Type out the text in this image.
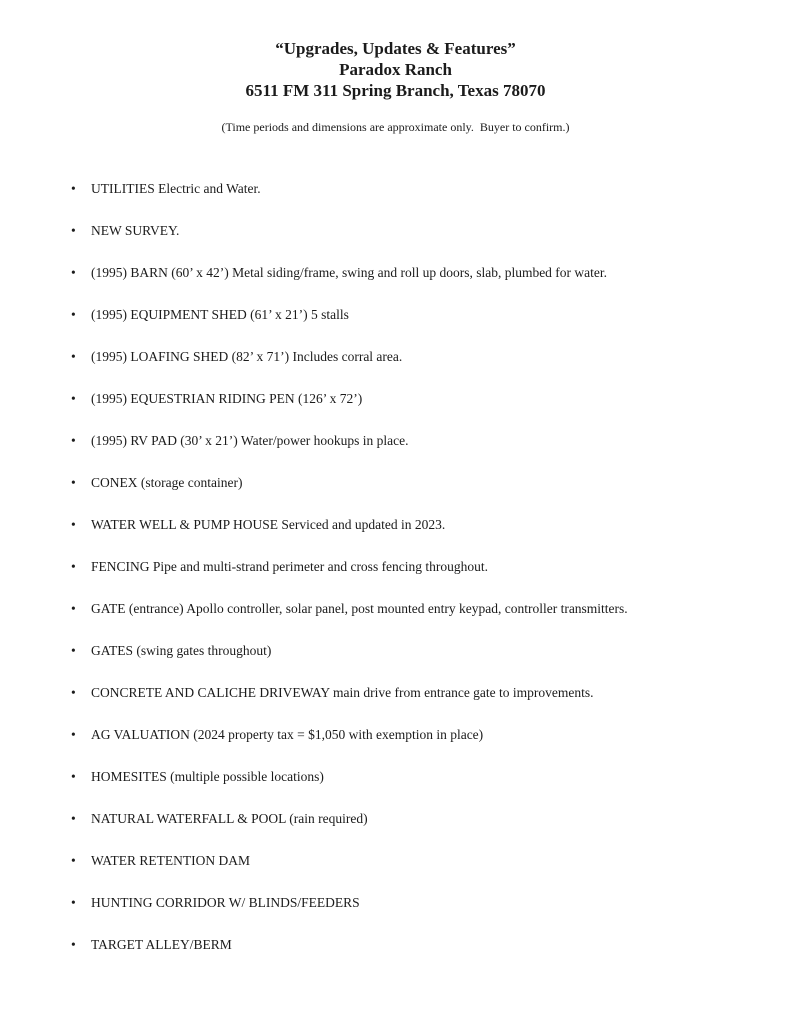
“Upgrades, Updates & Features”
Paradox Ranch
6511 FM 311 Spring Branch, Texas 78070
(Time periods and dimensions are approximate only.  Buyer to confirm.)
•	UTILITIES Electric and Water.
•	NEW SURVEY.
•	(1995) BARN (60’ x 42’) Metal siding/frame, swing and roll up doors, slab, plumbed for water.
•	(1995) EQUIPMENT SHED (61’ x 21’) 5 stalls
•	(1995) LOAFING SHED (82’ x 71’) Includes corral area.
•	(1995) EQUESTRIAN RIDING PEN (126’ x 72’)
•	(1995) RV PAD (30’ x 21’) Water/power hookups in place.
•	CONEX (storage container)
•	WATER WELL & PUMP HOUSE Serviced and updated in 2023.
•	FENCING Pipe and multi-strand perimeter and cross fencing throughout.
•	GATE (entrance) Apollo controller, solar panel, post mounted entry keypad, controller transmitters.
•	GATES (swing gates throughout)
•	CONCRETE AND CALICHE DRIVEWAY main drive from entrance gate to improvements.
•	AG VALUATION (2024 property tax = $1,050 with exemption in place)
•	HOMESITES (multiple possible locations)
•	NATURAL WATERFALL & POOL (rain required)
•	WATER RETENTION DAM
•	HUNTING CORRIDOR W/ BLINDS/FEEDERS
•	TARGET ALLEY/BERM
